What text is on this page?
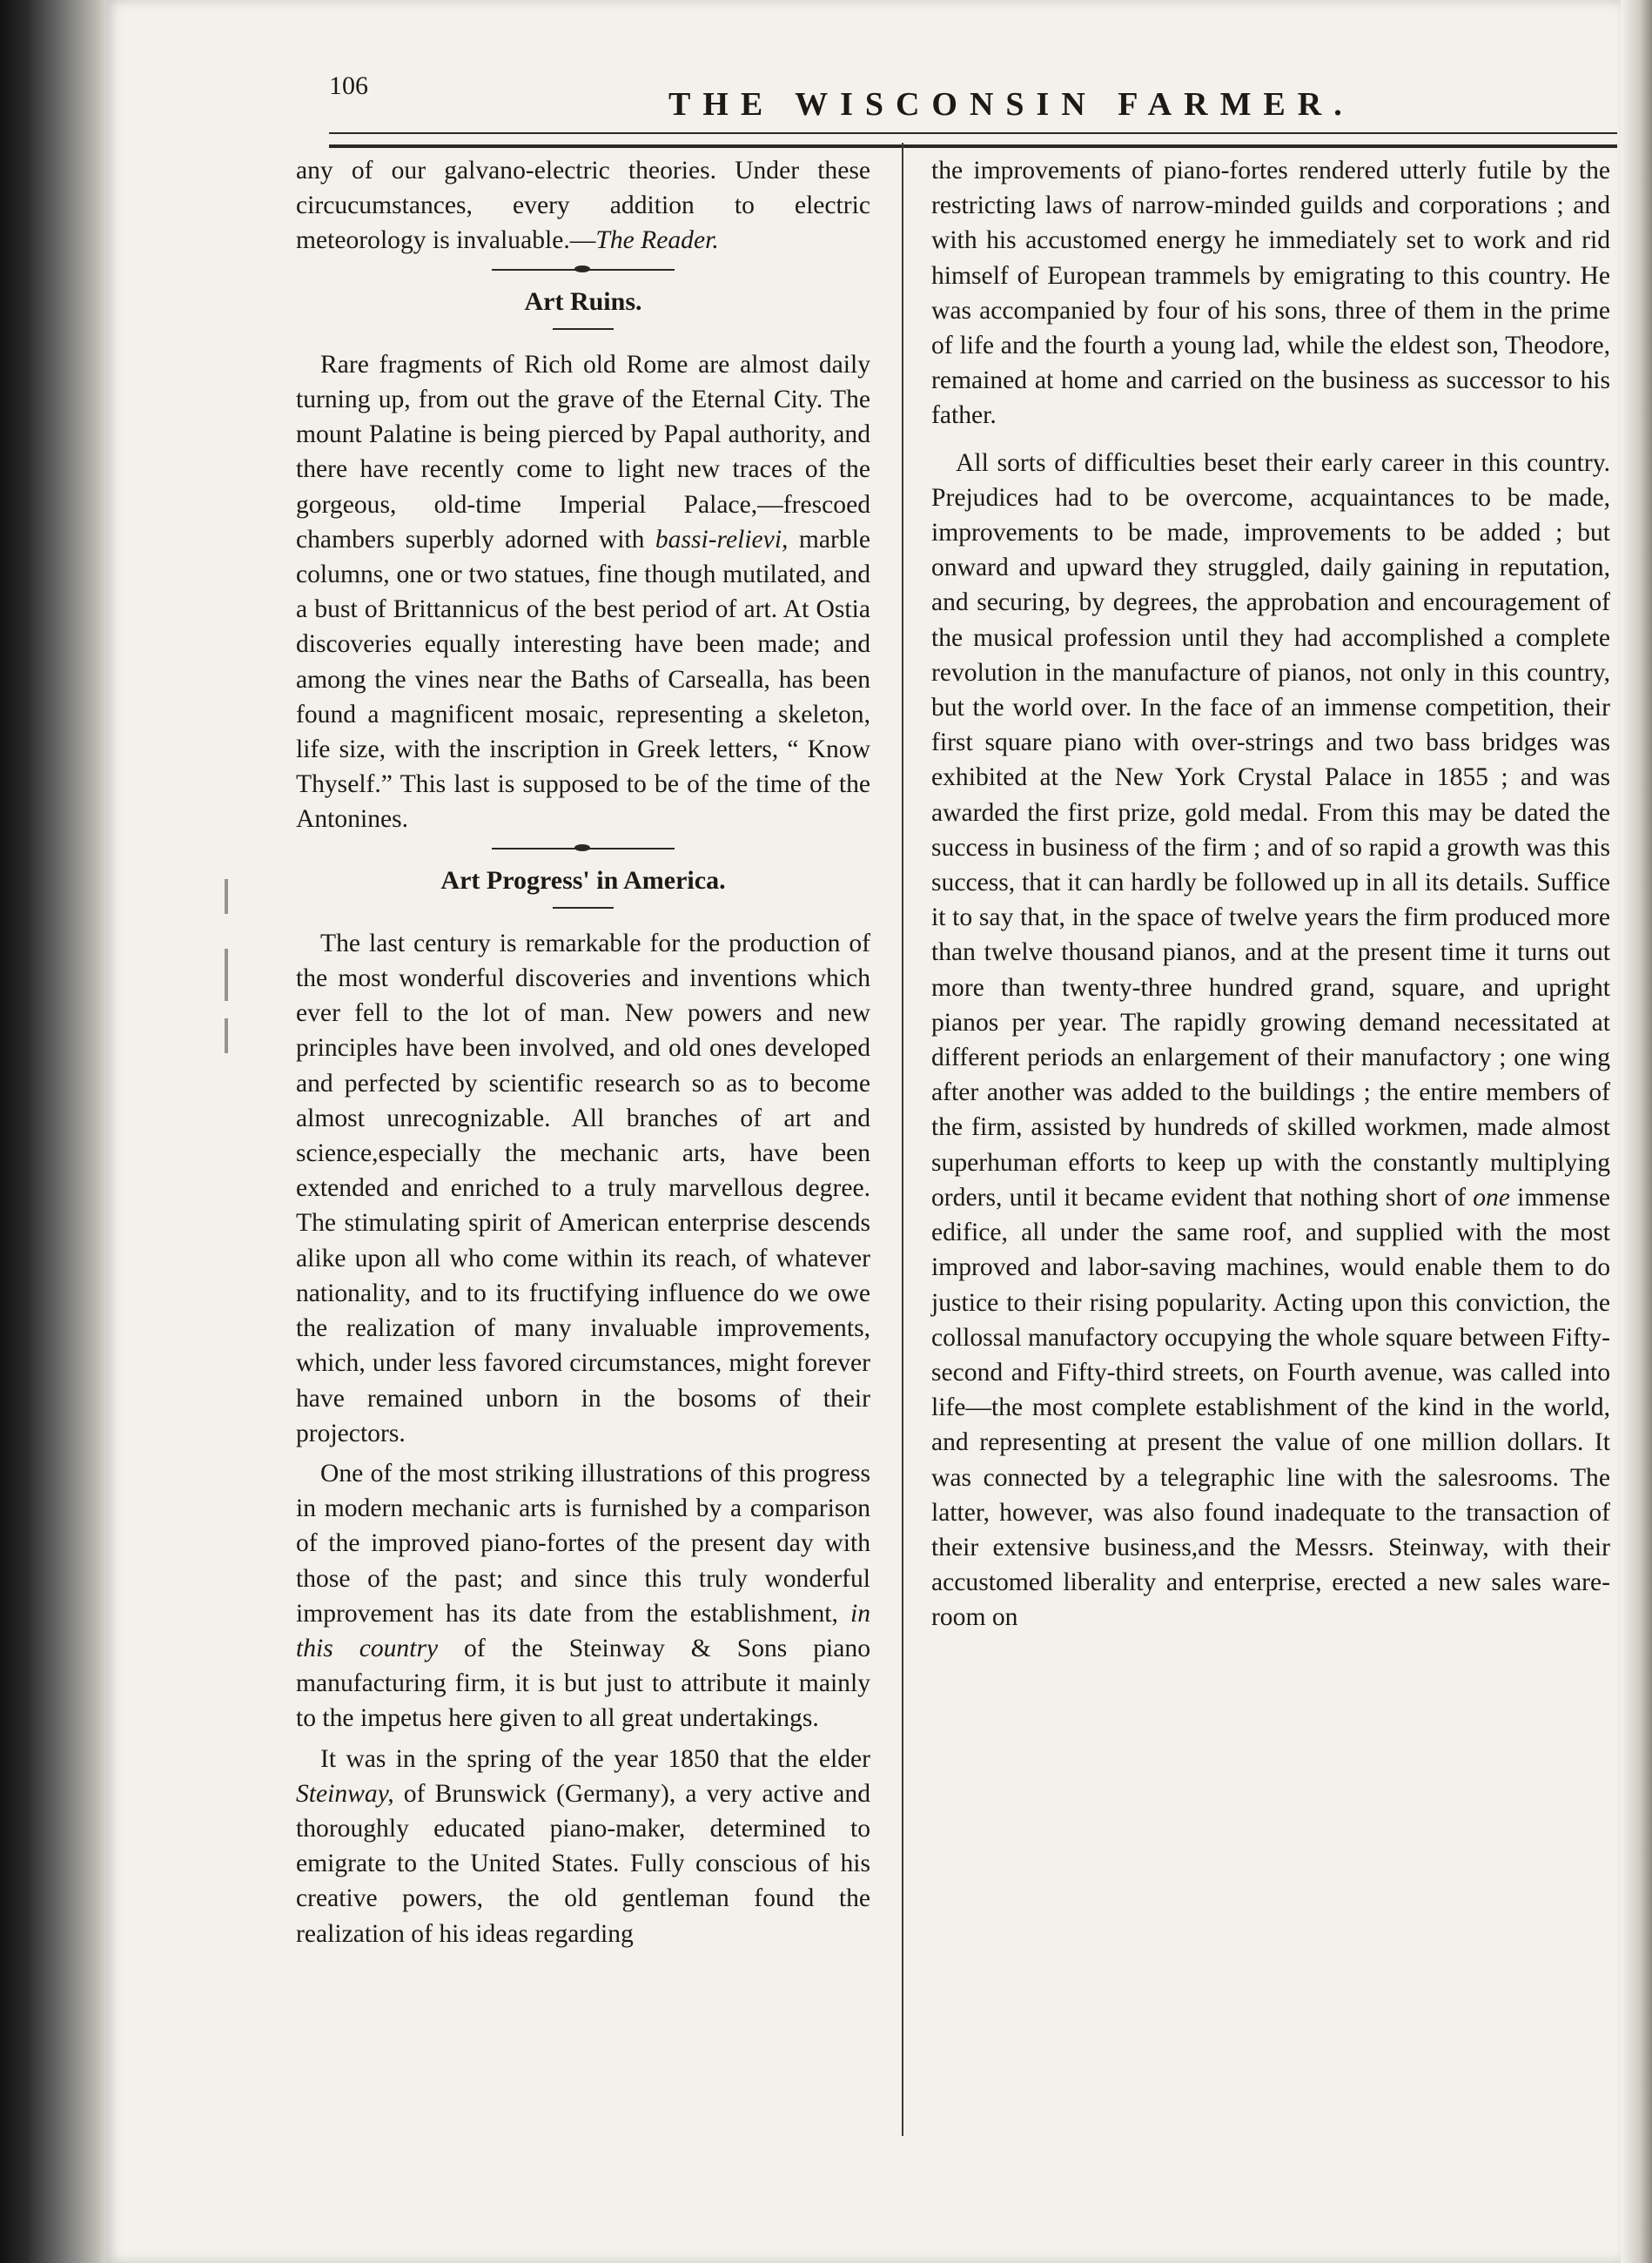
106
THE WISCONSIN FARMER.

any of our galvano-electric theories. Under these circucumstances, every addition to electric meteorology is invaluable.—The Reader.

Art Ruins.

Rare fragments of Rich old Rome are almost daily turning up, from out the grave of the Eternal City. The mount Palatine is being pierced by Papal authority, and there have recently come to light new traces of the gorgeous, old-time Imperial Palace,—frescoed chambers superbly adorned with bassi-relievi, marble columns, one or two statues, fine though mutilated, and a bust of Brittannicus of the best period of art. At Ostia discoveries equally interesting have been made; and among the vines near the Baths of Carsealla, has been found a magnificent mosaic, representing a skeleton, life size, with the inscription in Greek letters, “ Know Thyself.” This last is supposed to be of the time of the Antonines.

Art Progress' in America.

The last century is remarkable for the production of the most wonderful discoveries and inventions which ever fell to the lot of man. New powers and new principles have been involved, and old ones developed and perfected by scientific research so as to become almost unrecognizable. All branches of art and science,especially the mechanic arts, have been extended and enriched to a truly marvellous degree. The stimulating spirit of American enterprise descends alike upon all who come within its reach, of whatever nationality, and to its fructifying influence do we owe the realization of many invaluable improvements, which, under less favored circumstances, might forever have remained unborn in the bosoms of their projectors.

One of the most striking illustrations of this progress in modern mechanic arts is furnished by a comparison of the improved piano-fortes of the present day with those of the past; and since this truly wonderful improvement has its date from the establishment, in this country of the Steinway & Sons piano manufacturing firm, it is but just to attribute it mainly to the impetus here given to all great undertakings.

It was in the spring of the year 1850 that the elder Steinway, of Brunswick (Germany), a very active and thoroughly educated piano-maker, determined to emigrate to the United States. Fully conscious of his creative powers, the old gentleman found the realization of his ideas regarding

the improvements of piano-fortes rendered utterly futile by the restricting laws of narrow-minded guilds and corporations ; and with his accustomed energy he immediately set to work and rid himself of European trammels by emigrating to this country. He was accompanied by four of his sons, three of them in the prime of life and the fourth a young lad, while the eldest son, Theodore, remained at home and carried on the business as successor to his father.

All sorts of difficulties beset their early career in this country. Prejudices had to be overcome, acquaintances to be made, improvements to be made, improvements to be added ; but onward and upward they struggled, daily gaining in reputation, and securing, by degrees, the approbation and encouragement of the musical profession until they had accomplished a complete revolution in the manufacture of pianos, not only in this country, but the world over. In the face of an immense competition, their first square piano with over-strings and two bass bridges was exhibited at the New York Crystal Palace in 1855 ; and was awarded the first prize, gold medal. From this may be dated the success in business of the firm ; and of so rapid a growth was this success, that it can hardly be followed up in all its details. Suffice it to say that, in the space of twelve years the firm produced more than twelve thousand pianos, and at the present time it turns out more than twenty-three hundred grand, square, and upright pianos per year. The rapidly growing demand necessitated at different periods an enlargement of their manufactory ; one wing after another was added to the buildings ; the entire members of the firm, assisted by hundreds of skilled workmen, made almost superhuman efforts to keep up with the constantly multiplying orders, until it became evident that nothing short of one immense edifice, all under the same roof, and supplied with the most improved and labor-saving machines, would enable them to do justice to their rising popularity. Acting upon this conviction, the collossal manufactory occupying the whole square between Fifty-second and Fifty-third streets, on Fourth avenue, was called into life—the most complete establishment of the kind in the world, and representing at present the value of one million dollars. It was connected by a telegraphic line with the salesrooms. The latter, however, was also found inadequate to the transaction of their extensive business,and the Messrs. Steinway, with their accustomed liberality and enterprise, erected a new sales ware-room on
